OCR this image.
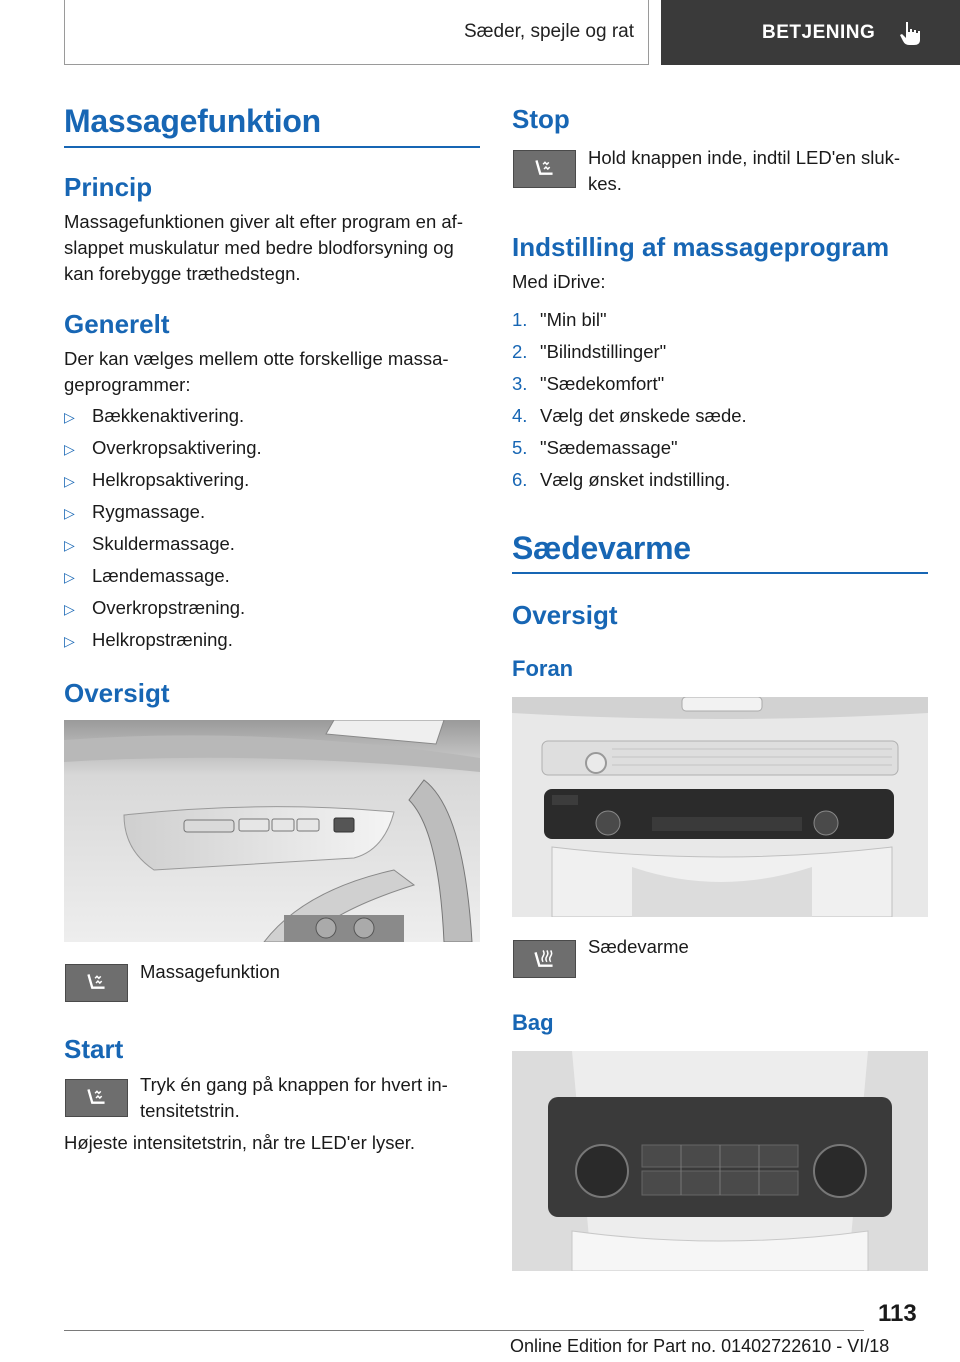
Sæder, spejle og rat	BETJENING
Massagefunktion
Princip
Massagefunktionen giver alt efter program en af-slappet muskulatur med bedre blodforsyning og kan forebygge træthedstegn.
Generelt
Der kan vælges mellem otte forskellige massa-geprogrammer:
▷ Bækkenaktivering.
▷ Overkropsaktivering.
▷ Helkropsaktivering.
▷ Rygmassage.
▷ Skuldermassage.
▷ Lændemassage.
▷ Overkropstræning.
▷ Helkropstræning.
Oversigt
Massagefunktion
Start
Tryk én gang på knappen for hvert in-tensitetstrin.
Højeste intensitetstrin, når tre LED'er lyser.
Stop
Hold knappen inde, indtil LED'en sluk-kes.
Indstilling af massageprogram
Med iDrive:
1. "Min bil"
2. "Bilindstillinger"
3. "Sædekomfort"
4. Vælg det ønskede sæde.
5. "Sædemassage"
6. Vælg ønsket indstilling.
Sædevarme
Oversigt
Foran
Sædevarme
Bag
113
Online Edition for Part no. 01402722610 - VI/18
